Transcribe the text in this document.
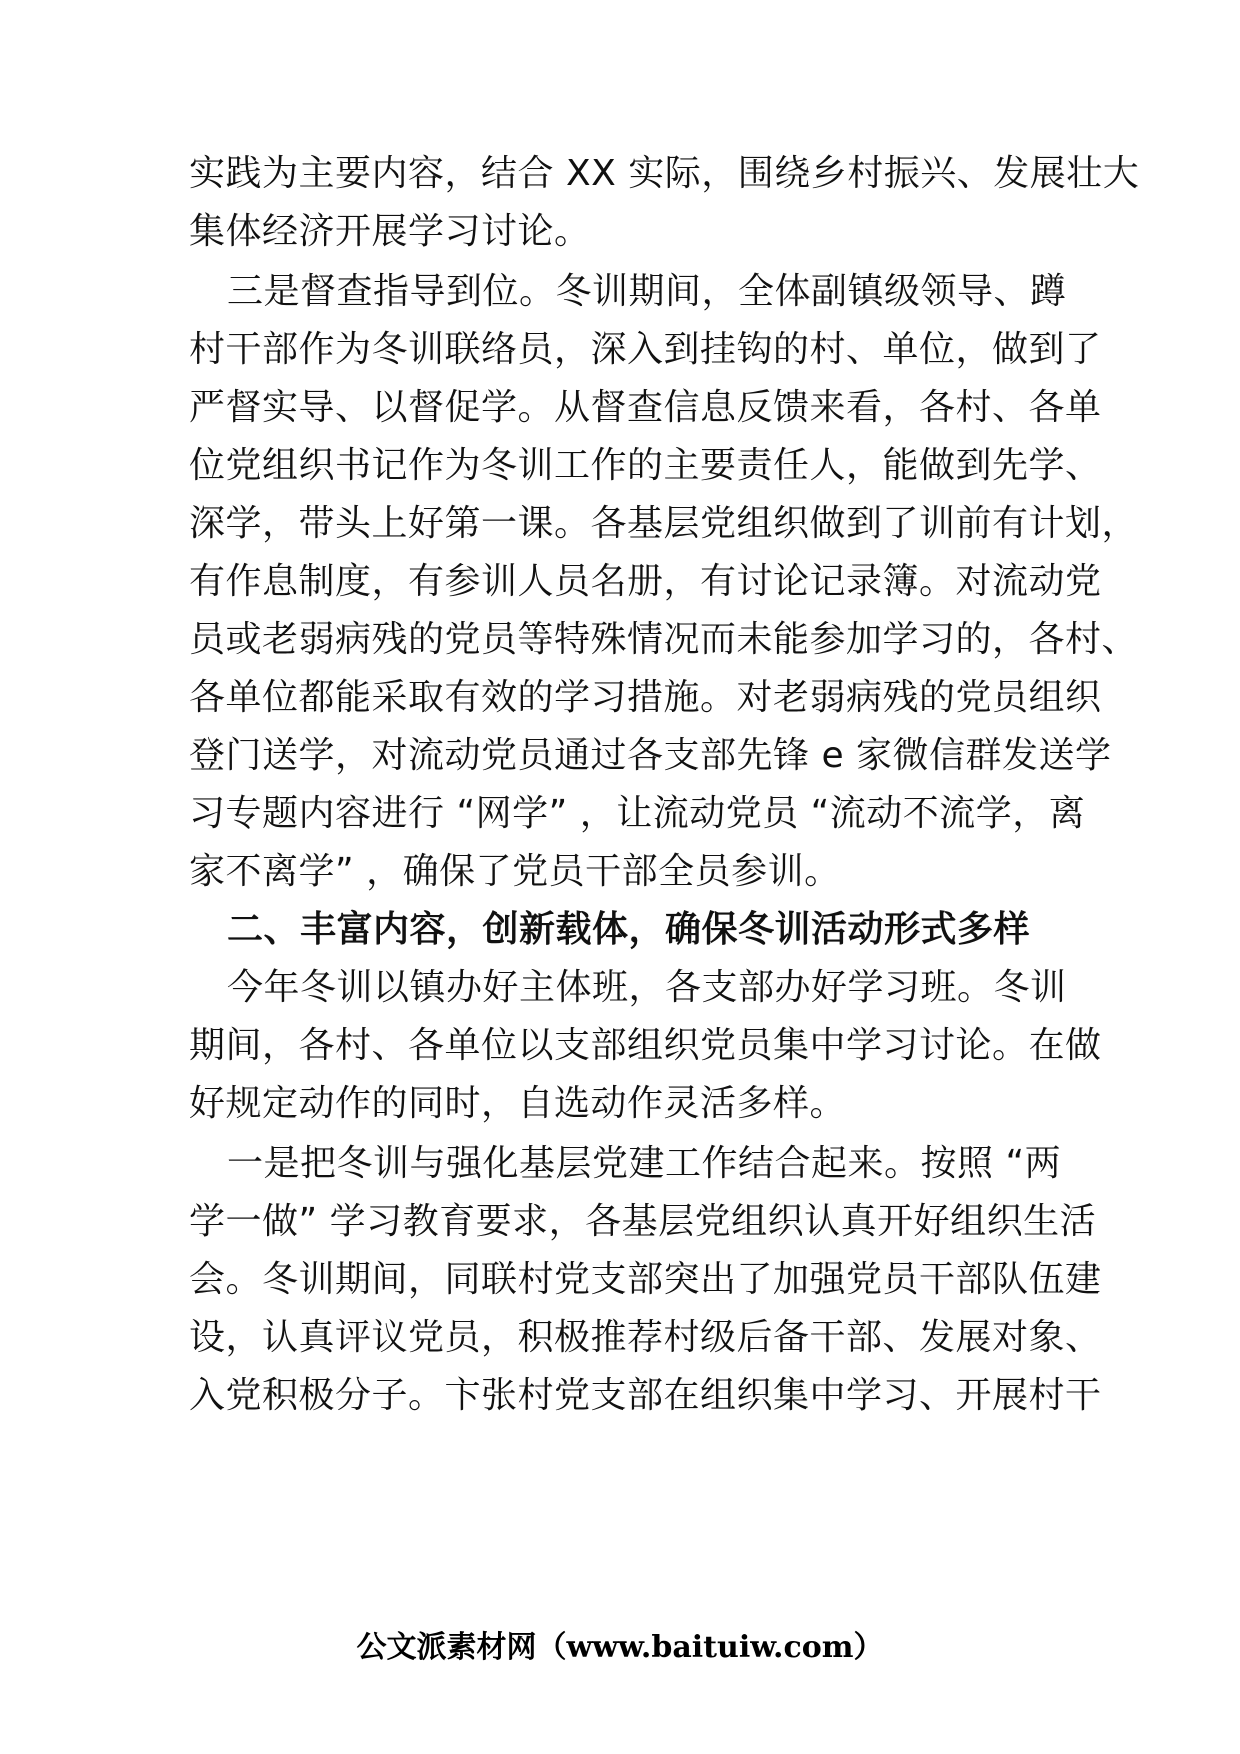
实践为主要内容，结合 XX 实际，围绕乡村振兴、发展壮大
集体经济开展学习讨论。
三是督查指导到位。冬训期间，全体副镇级领导、蹲
村干部作为冬训联络员，深入到挂钩的村、单位，做到了
严督实导、以督促学。从督查信息反馈来看，各村、各单
位党组织书记作为冬训工作的主要责任人，能做到先学、
深学，带头上好第一课。各基层党组织做到了训前有计划，
有作息制度，有参训人员名册，有讨论记录簿。对流动党
员或老弱病残的党员等特殊情况而未能参加学习的，各村、
各单位都能采取有效的学习措施。对老弱病残的党员组织
登门送学，对流动党员通过各支部先锋 e 家微信群发送学
习专题内容进行 “网学” ，让流动党员 “流动不流学，离
家不离学” ，确保了党员干部全员参训。
二、丰富内容，创新载体，确保冬训活动形式多样
今年冬训以镇办好主体班，各支部办好学习班。冬训
期间，各村、各单位以支部组织党员集中学习讨论。在做
好规定动作的同时，自选动作灵活多样。
一是把冬训与强化基层党建工作结合起来。按照 “两
学一做” 学习教育要求，各基层党组织认真开好组织生活
会。冬训期间，同联村党支部突出了加强党员干部队伍建
设，认真评议党员，积极推荐村级后备干部、发展对象、
入党积极分子。卞张村党支部在组织集中学习、开展村干
公文派素材网（www.baituiw.com）
